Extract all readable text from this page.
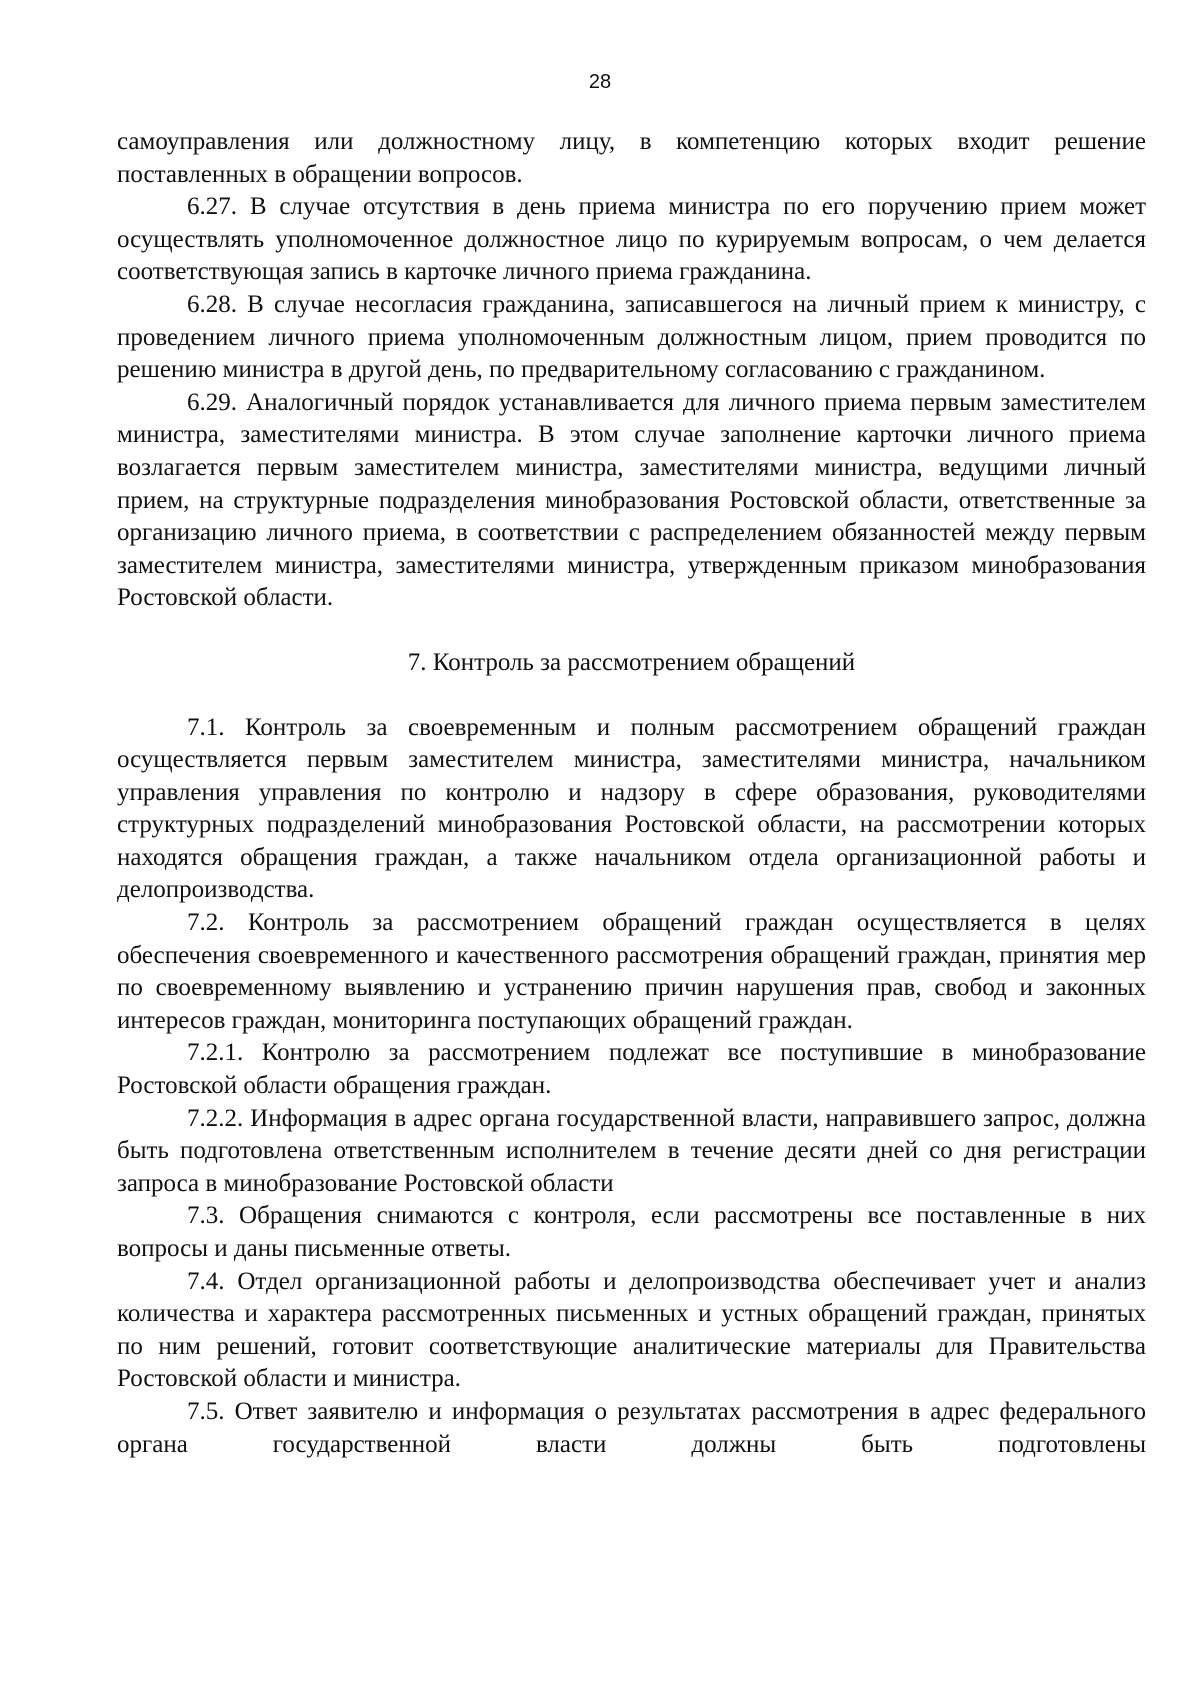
28

самоуправления или должностному лицу, в компетенцию которых входит решение поставленных в обращении вопросов.

6.27. В случае отсутствия в день приема министра по его поручению прием может осуществлять уполномоченное должностное лицо по курируемым вопросам, о чем делается соответствующая запись в карточке личного приема гражданина.

6.28. В случае несогласия гражданина, записавшегося на личный прием к министру, с проведением личного приема уполномоченным должностным лицом, прием проводится по решению министра в другой день, по предварительному согласованию с гражданином.

6.29. Аналогичный порядок устанавливается для личного приема первым заместителем министра, заместителями министра. В этом случае заполнение карточки личного приема возлагается первым заместителем министра, заместителями министра, ведущими личный прием, на структурные подразделения минобразования Ростовской области, ответственные за организацию личного приема, в соответствии с распределением обязанностей между первым заместителем министра, заместителями министра, утвержденным приказом минобразования Ростовской области.

7. Контроль за рассмотрением обращений

7.1. Контроль за своевременным и полным рассмотрением обращений граждан осуществляется первым заместителем министра, заместителями министра, начальником управления управления по контролю и надзору в сфере образования, руководителями структурных подразделений минобразования Ростовской области, на рассмотрении которых находятся обращения граждан, а также начальником отдела организационной работы и делопроизводства.

7.2. Контроль за рассмотрением обращений граждан осуществляется в целях обеспечения своевременного и качественного рассмотрения обращений граждан, принятия мер по своевременному выявлению и устранению причин нарушения прав, свобод и законных интересов граждан, мониторинга поступающих обращений граждан.

7.2.1. Контролю за рассмотрением подлежат все поступившие в минобразование Ростовской области обращения граждан.

7.2.2. Информация в адрес органа государственной власти, направившего запрос, должна быть подготовлена ответственным исполнителем в течение десяти дней со дня регистрации запроса в минобразование Ростовской области

7.3. Обращения снимаются с контроля, если рассмотрены все поставленные в них вопросы и даны письменные ответы.

7.4. Отдел организационной работы и делопроизводства обеспечивает учет и анализ количества и характера рассмотренных письменных и устных обращений граждан, принятых по ним решений, готовит соответствующие аналитические материалы для Правительства Ростовской области и министра.

7.5. Ответ заявителю и информация о результатах рассмотрения в адрес федерального органа государственной власти должны быть подготовлены
